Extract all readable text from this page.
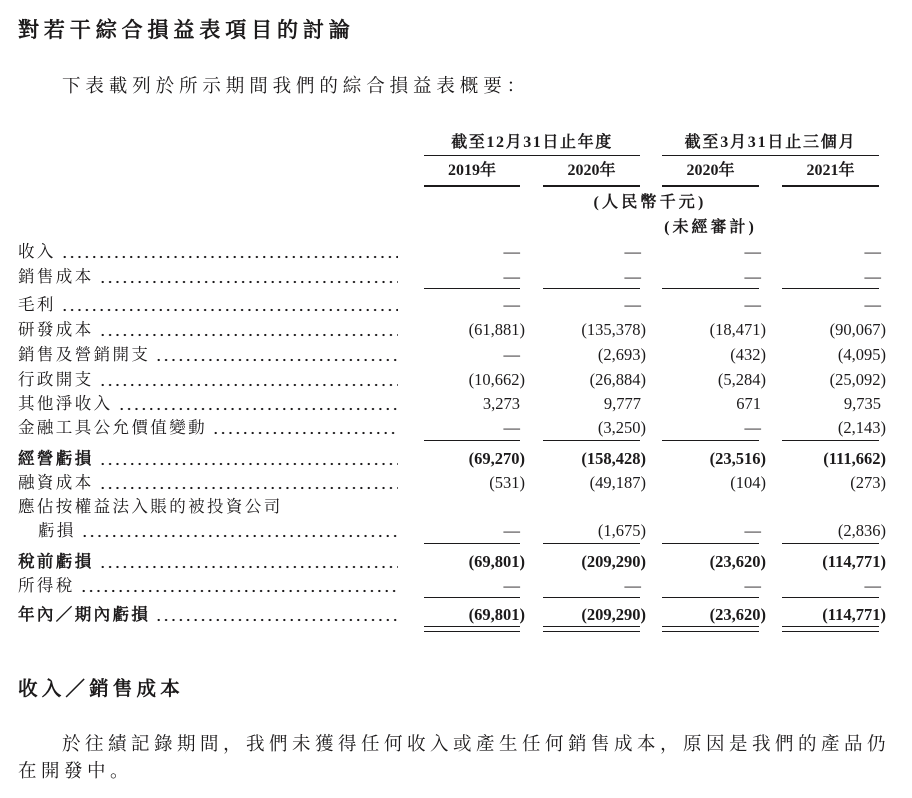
對若干綜合損益表項目的討論
下表載列於所示期間我們的綜合損益表概要：
截至12月31日止年度	截至3月31日止三個月
2019年	2020年	2020年	2021年
(人民幣千元)
(未經審計)
收入	—	—	—	—
銷售成本	—	—	—	—
毛利	—	—	—	—
研發成本	(61,881)	(135,378)	(18,471)	(90,067)
銷售及營銷開支	—	(2,693)	(432)	(4,095)
行政開支	(10,662)	(26,884)	(5,284)	(25,092)
其他淨收入	3,273	9,777	671	9,735
金融工具公允價值變動	—	(3,250)	—	(2,143)
經營虧損	(69,270)	(158,428)	(23,516)	(111,662)
融資成本	(531)	(49,187)	(104)	(273)
應佔按權益法入賬的被投資公司
虧損	—	(1,675)	—	(2,836)
稅前虧損	(69,801)	(209,290)	(23,620)	(114,771)
所得稅	—	—	—	—
年內／期內虧損	(69,801)	(209,290)	(23,620)	(114,771)
收入／銷售成本
於往績記錄期間，我們未獲得任何收入或產生任何銷售成本，原因是我們的產品仍在開發中。
